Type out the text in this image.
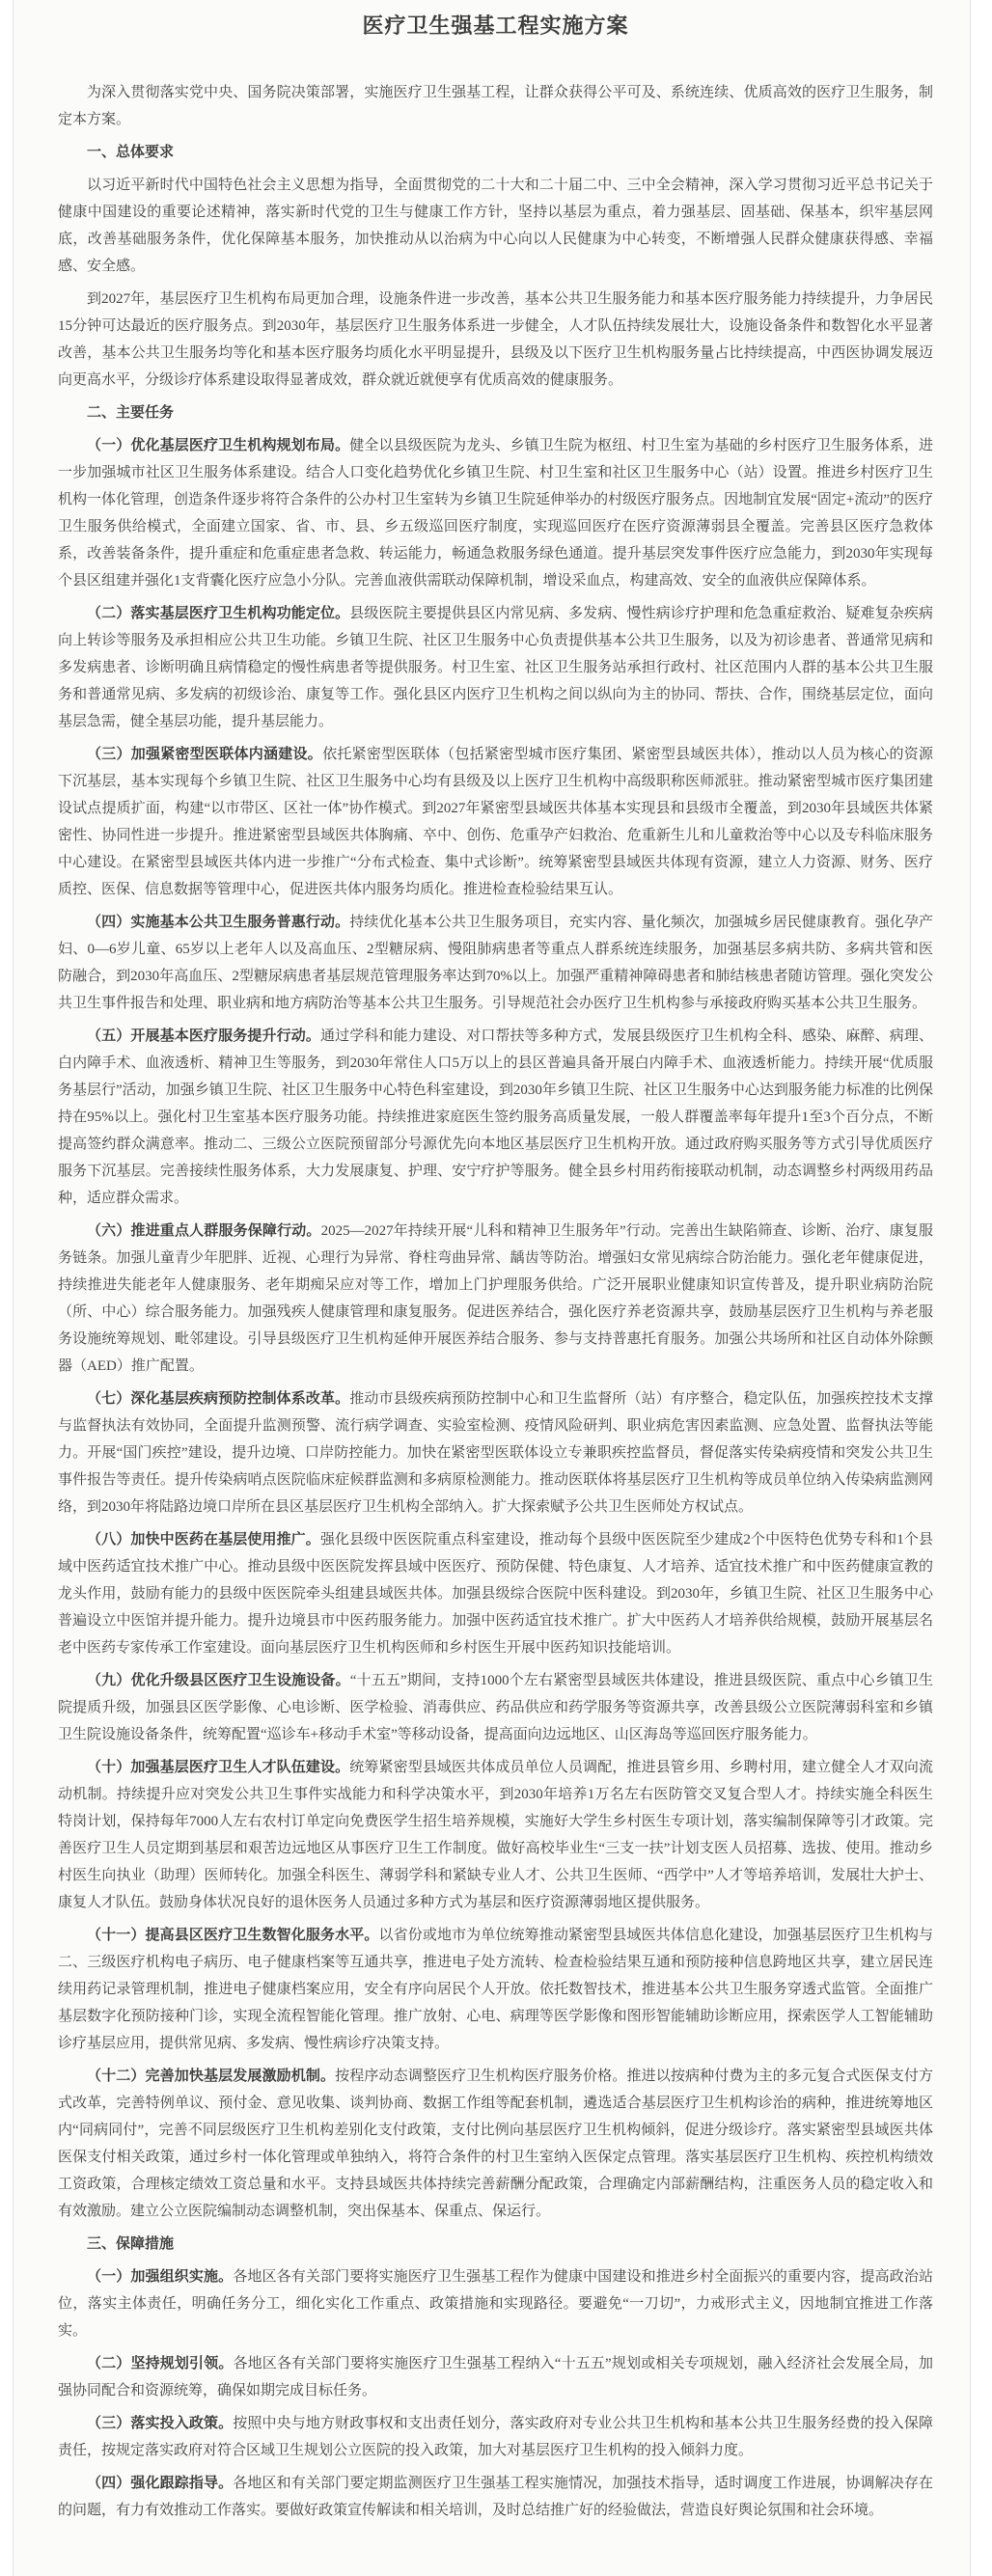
医疗卫生强基工程实施方案

为深入贯彻落实党中央、国务院决策部署，实施医疗卫生强基工程，让群众获得公平可及、系统连续、优质高效的医疗卫生服务，制定本方案。

一、总体要求

以习近平新时代中国特色社会主义思想为指导，全面贯彻党的二十大和二十届二中、三中全会精神，深入学习贯彻习近平总书记关于健康中国建设的重要论述精神，落实新时代党的卫生与健康工作方针，坚持以基层为重点，着力强基层、固基础、保基本，织牢基层网底，改善基础服务条件，优化保障基本服务，加快推动从以治病为中心向以人民健康为中心转变，不断增强人民群众健康获得感、幸福感、安全感。

到2027年，基层医疗卫生机构布局更加合理，设施条件进一步改善，基本公共卫生服务能力和基本医疗服务能力持续提升，力争居民15分钟可达最近的医疗服务点。到2030年，基层医疗卫生服务体系进一步健全，人才队伍持续发展壮大，设施设备条件和数智化水平显著改善，基本公共卫生服务均等化和基本医疗服务均质化水平明显提升，县级及以下医疗卫生机构服务量占比持续提高，中西医协调发展迈向更高水平，分级诊疗体系建设取得显著成效，群众就近就便享有优质高效的健康服务。

二、主要任务

（一）优化基层医疗卫生机构规划布局。健全以县级医院为龙头、乡镇卫生院为枢纽、村卫生室为基础的乡村医疗卫生服务体系，进一步加强城市社区卫生服务体系建设。结合人口变化趋势优化乡镇卫生院、村卫生室和社区卫生服务中心（站）设置。推进乡村医疗卫生机构一体化管理，创造条件逐步将符合条件的公办村卫生室转为乡镇卫生院延伸举办的村级医疗服务点。因地制宜发展“固定+流动”的医疗卫生服务供给模式，全面建立国家、省、市、县、乡五级巡回医疗制度，实现巡回医疗在医疗资源薄弱县全覆盖。完善县区医疗急救体系，改善装备条件，提升重症和危重症患者急救、转运能力，畅通急救服务绿色通道。提升基层突发事件医疗应急能力，到2030年实现每个县区组建并强化1支背囊化医疗应急小分队。完善血液供需联动保障机制，增设采血点，构建高效、安全的血液供应保障体系。

（二）落实基层医疗卫生机构功能定位。县级医院主要提供县区内常见病、多发病、慢性病诊疗护理和危急重症救治、疑难复杂疾病向上转诊等服务及承担相应公共卫生功能。乡镇卫生院、社区卫生服务中心负责提供基本公共卫生服务，以及为初诊患者、普通常见病和多发病患者、诊断明确且病情稳定的慢性病患者等提供服务。村卫生室、社区卫生服务站承担行政村、社区范围内人群的基本公共卫生服务和普通常见病、多发病的初级诊治、康复等工作。强化县区内医疗卫生机构之间以纵向为主的协同、帮扶、合作，围绕基层定位，面向基层急需，健全基层功能，提升基层能力。

（三）加强紧密型医联体内涵建设。依托紧密型医联体（包括紧密型城市医疗集团、紧密型县域医共体），推动以人员为核心的资源下沉基层，基本实现每个乡镇卫生院、社区卫生服务中心均有县级及以上医疗卫生机构中高级职称医师派驻。推动紧密型城市医疗集团建设试点提质扩面，构建“以市带区、区社一体”协作模式。到2027年紧密型县域医共体基本实现县和县级市全覆盖，到2030年县域医共体紧密性、协同性进一步提升。推进紧密型县域医共体胸痛、卒中、创伤、危重孕产妇救治、危重新生儿和儿童救治等中心以及专科临床服务中心建设。在紧密型县域医共体内进一步推广“分布式检查、集中式诊断”。统筹紧密型县域医共体现有资源，建立人力资源、财务、医疗质控、医保、信息数据等管理中心，促进医共体内服务均质化。推进检查检验结果互认。

（四）实施基本公共卫生服务普惠行动。持续优化基本公共卫生服务项目，充实内容、量化频次，加强城乡居民健康教育。强化孕产妇、0—6岁儿童、65岁以上老年人以及高血压、2型糖尿病、慢阻肺病患者等重点人群系统连续服务，加强基层多病共防、多病共管和医防融合，到2030年高血压、2型糖尿病患者基层规范管理服务率达到70%以上。加强严重精神障碍患者和肺结核患者随访管理。强化突发公共卫生事件报告和处理、职业病和地方病防治等基本公共卫生服务。引导规范社会办医疗卫生机构参与承接政府购买基本公共卫生服务。

（五）开展基本医疗服务提升行动。通过学科和能力建设、对口帮扶等多种方式，发展县级医疗卫生机构全科、感染、麻醉、病理、白内障手术、血液透析、精神卫生等服务，到2030年常住人口5万以上的县区普遍具备开展白内障手术、血液透析能力。持续开展“优质服务基层行”活动，加强乡镇卫生院、社区卫生服务中心特色科室建设，到2030年乡镇卫生院、社区卫生服务中心达到服务能力标准的比例保持在95%以上。强化村卫生室基本医疗服务功能。持续推进家庭医生签约服务高质量发展，一般人群覆盖率每年提升1至3个百分点，不断提高签约群众满意率。推动二、三级公立医院预留部分号源优先向本地区基层医疗卫生机构开放。通过政府购买服务等方式引导优质医疗服务下沉基层。完善接续性服务体系，大力发展康复、护理、安宁疗护等服务。健全县乡村用药衔接联动机制，动态调整乡村两级用药品种，适应群众需求。

（六）推进重点人群服务保障行动。2025—2027年持续开展“儿科和精神卫生服务年”行动。完善出生缺陷筛查、诊断、治疗、康复服务链条。加强儿童青少年肥胖、近视、心理行为异常、脊柱弯曲异常、龋齿等防治。增强妇女常见病综合防治能力。强化老年健康促进，持续推进失能老年人健康服务、老年期痴呆应对等工作，增加上门护理服务供给。广泛开展职业健康知识宣传普及，提升职业病防治院（所、中心）综合服务能力。加强残疾人健康管理和康复服务。促进医养结合，强化医疗养老资源共享，鼓励基层医疗卫生机构与养老服务设施统筹规划、毗邻建设。引导县级医疗卫生机构延伸开展医养结合服务、参与支持普惠托育服务。加强公共场所和社区自动体外除颤器（AED）推广配置。

（七）深化基层疾病预防控制体系改革。推动市县级疾病预防控制中心和卫生监督所（站）有序整合，稳定队伍，加强疾控技术支撑与监督执法有效协同，全面提升监测预警、流行病学调查、实验室检测、疫情风险研判、职业病危害因素监测、应急处置、监督执法等能力。开展“国门疾控”建设，提升边境、口岸防控能力。加快在紧密型医联体设立专兼职疾控监督员，督促落实传染病疫情和突发公共卫生事件报告等责任。提升传染病哨点医院临床症候群监测和多病原检测能力。推动医联体将基层医疗卫生机构等成员单位纳入传染病监测网络，到2030年将陆路边境口岸所在县区基层医疗卫生机构全部纳入。扩大探索赋予公共卫生医师处方权试点。

（八）加快中医药在基层使用推广。强化县级中医医院重点科室建设，推动每个县级中医医院至少建成2个中医特色优势专科和1个县域中医药适宜技术推广中心。推动县级中医医院发挥县域中医医疗、预防保健、特色康复、人才培养、适宜技术推广和中医药健康宣教的龙头作用，鼓励有能力的县级中医医院牵头组建县域医共体。加强县级综合医院中医科建设。到2030年，乡镇卫生院、社区卫生服务中心普遍设立中医馆并提升能力。提升边境县市中医药服务能力。加强中医药适宜技术推广。扩大中医药人才培养供给规模，鼓励开展基层名老中医药专家传承工作室建设。面向基层医疗卫生机构医师和乡村医生开展中医药知识技能培训。

（九）优化升级县区医疗卫生设施设备。“十五五”期间，支持1000个左右紧密型县域医共体建设，推进县级医院、重点中心乡镇卫生院提质升级，加强县区医学影像、心电诊断、医学检验、消毒供应、药品供应和药学服务等资源共享，改善县级公立医院薄弱科室和乡镇卫生院设施设备条件，统筹配置“巡诊车+移动手术室”等移动设备，提高面向边远地区、山区海岛等巡回医疗服务能力。

（十）加强基层医疗卫生人才队伍建设。统筹紧密型县域医共体成员单位人员调配，推进县管乡用、乡聘村用，建立健全人才双向流动机制。持续提升应对突发公共卫生事件实战能力和科学决策水平，到2030年培养1万名左右医防管交叉复合型人才。持续实施全科医生特岗计划，保持每年7000人左右农村订单定向免费医学生招生培养规模，实施好大学生乡村医生专项计划，落实编制保障等引才政策。完善医疗卫生人员定期到基层和艰苦边远地区从事医疗卫生工作制度。做好高校毕业生“三支一扶”计划支医人员招募、选拔、使用。推动乡村医生向执业（助理）医师转化。加强全科医生、薄弱学科和紧缺专业人才、公共卫生医师、“西学中”人才等培养培训，发展壮大护士、康复人才队伍。鼓励身体状况良好的退休医务人员通过多种方式为基层和医疗资源薄弱地区提供服务。

（十一）提高县区医疗卫生数智化服务水平。以省份或地市为单位统筹推动紧密型县域医共体信息化建设，加强基层医疗卫生机构与二、三级医疗机构电子病历、电子健康档案等互通共享，推进电子处方流转、检查检验结果互通和预防接种信息跨地区共享，建立居民连续用药记录管理机制，推进电子健康档案应用，安全有序向居民个人开放。依托数智技术，推进基本公共卫生服务穿透式监管。全面推广基层数字化预防接种门诊，实现全流程智能化管理。推广放射、心电、病理等医学影像和图形智能辅助诊断应用，探索医学人工智能辅助诊疗基层应用，提供常见病、多发病、慢性病诊疗决策支持。

（十二）完善加快基层发展激励机制。按程序动态调整医疗卫生机构医疗服务价格。推进以按病种付费为主的多元复合式医保支付方式改革，完善特例单议、预付金、意见收集、谈判协商、数据工作组等配套机制，遴选适合基层医疗卫生机构诊治的病种，推进统筹地区内“同病同付”，完善不同层级医疗卫生机构差别化支付政策，支付比例向基层医疗卫生机构倾斜，促进分级诊疗。落实紧密型县域医共体医保支付相关政策，通过乡村一体化管理或单独纳入，将符合条件的村卫生室纳入医保定点管理。落实基层医疗卫生机构、疾控机构绩效工资政策，合理核定绩效工资总量和水平。支持县域医共体持续完善薪酬分配政策，合理确定内部薪酬结构，注重医务人员的稳定收入和有效激励。建立公立医院编制动态调整机制，突出保基本、保重点、保运行。

三、保障措施

（一）加强组织实施。各地区各有关部门要将实施医疗卫生强基工程作为健康中国建设和推进乡村全面振兴的重要内容，提高政治站位，落实主体责任，明确任务分工，细化实化工作重点、政策措施和实现路径。要避免“一刀切”，力戒形式主义，因地制宜推进工作落实。

（二）坚持规划引领。各地区各有关部门要将实施医疗卫生强基工程纳入“十五五”规划或相关专项规划，融入经济社会发展全局，加强协同配合和资源统筹，确保如期完成目标任务。

（三）落实投入政策。按照中央与地方财政事权和支出责任划分，落实政府对专业公共卫生机构和基本公共卫生服务经费的投入保障责任，按规定落实政府对符合区域卫生规划公立医院的投入政策，加大对基层医疗卫生机构的投入倾斜力度。

（四）强化跟踪指导。各地区和有关部门要定期监测医疗卫生强基工程实施情况，加强技术指导，适时调度工作进展，协调解决存在的问题，有力有效推动工作落实。要做好政策宣传解读和相关培训，及时总结推广好的经验做法，营造良好舆论氛围和社会环境。
